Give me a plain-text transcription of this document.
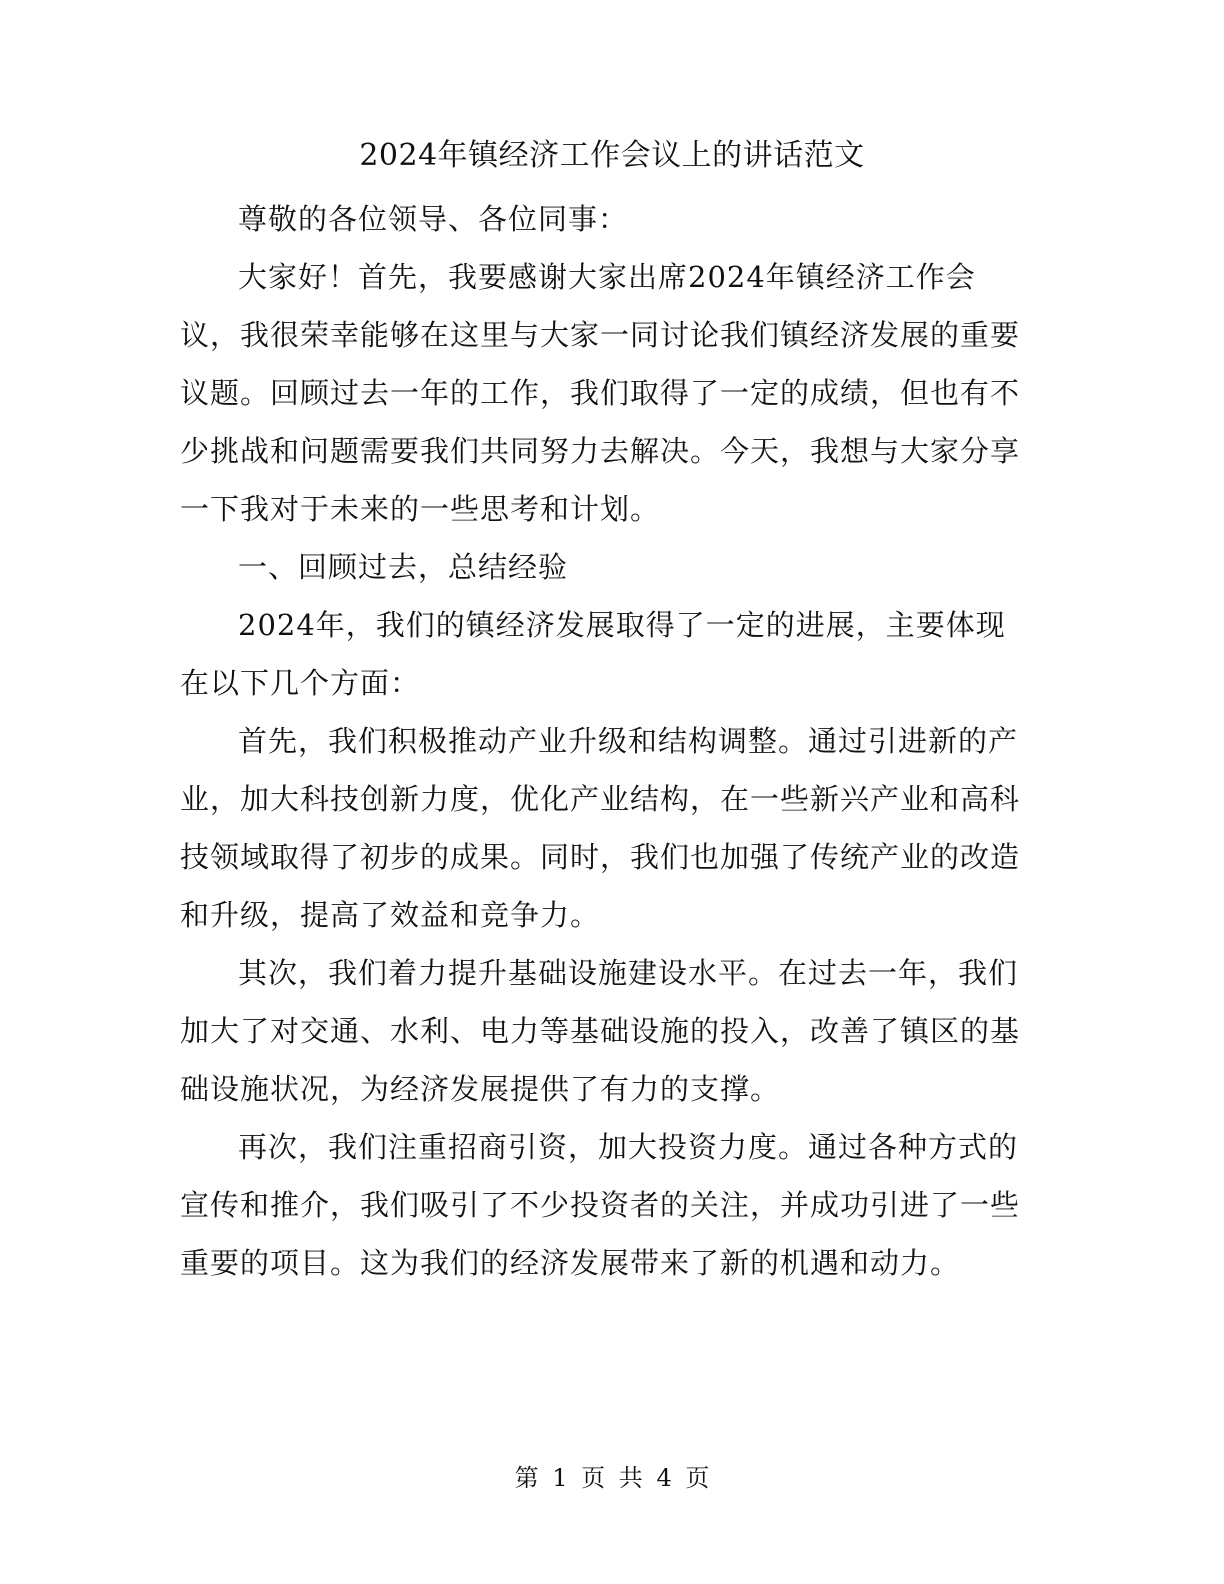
2024年镇经济工作会议上的讲话范文

尊敬的各位领导、各位同事：

大家好！首先，我要感谢大家出席2024年镇经济工作会议，我很荣幸能够在这里与大家一同讨论我们镇经济发展的重要议题。回顾过去一年的工作，我们取得了一定的成绩，但也有不少挑战和问题需要我们共同努力去解决。今天，我想与大家分享一下我对于未来的一些思考和计划。

一、回顾过去，总结经验

2024年，我们的镇经济发展取得了一定的进展，主要体现在以下几个方面：

首先，我们积极推动产业升级和结构调整。通过引进新的产业，加大科技创新力度，优化产业结构，在一些新兴产业和高科技领域取得了初步的成果。同时，我们也加强了传统产业的改造和升级，提高了效益和竞争力。

其次，我们着力提升基础设施建设水平。在过去一年，我们加大了对交通、水利、电力等基础设施的投入，改善了镇区的基础设施状况，为经济发展提供了有力的支撑。

再次，我们注重招商引资，加大投资力度。通过各种方式的宣传和推介，我们吸引了不少投资者的关注，并成功引进了一些重要的项目。这为我们的经济发展带来了新的机遇和动力。

第 1 页 共 4 页
